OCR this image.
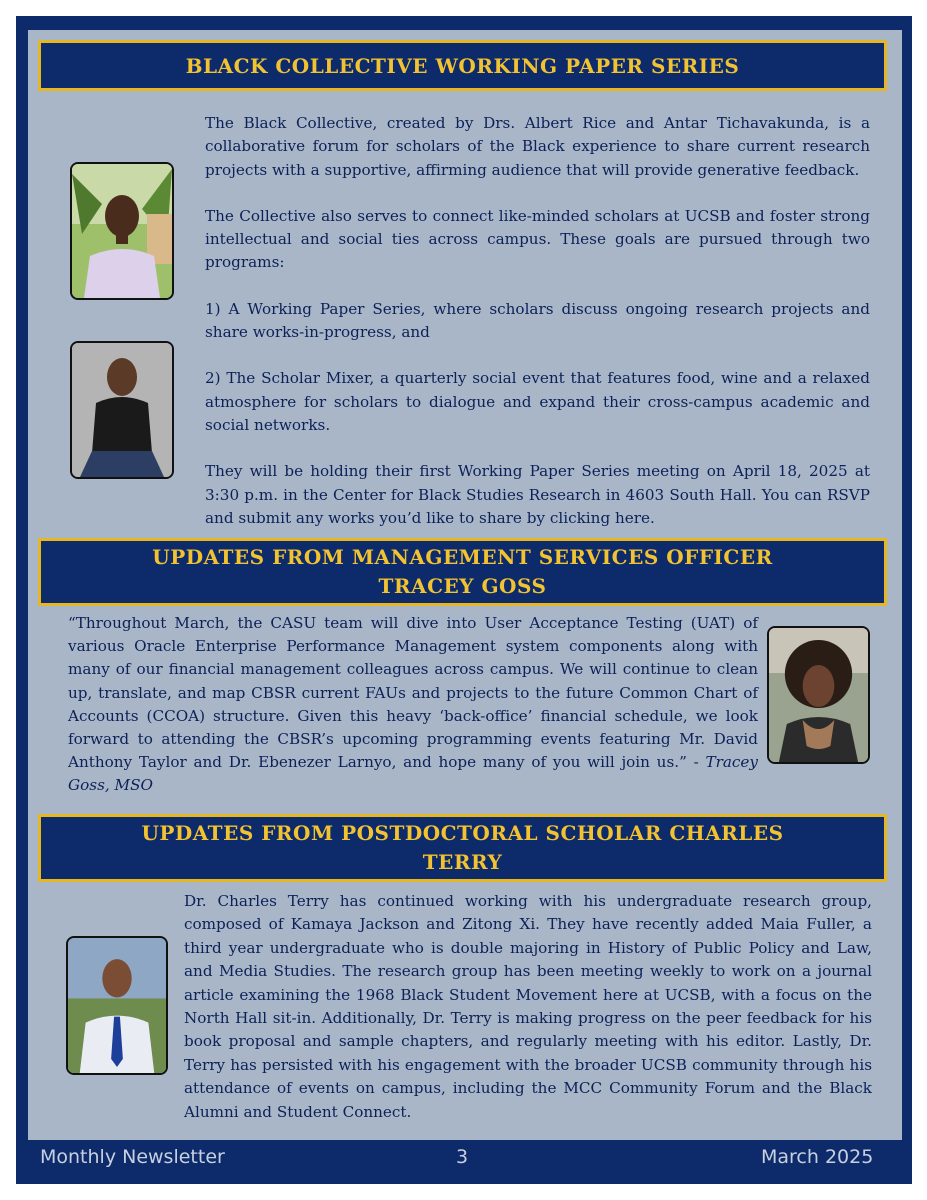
BLACK COLLECTIVE WORKING PAPER SERIES

The Black Collective, created by Drs. Albert Rice and Antar Tichavakunda, is a collaborative forum for scholars of the Black experience to share current research projects with a supportive, affirming audience that will provide generative feedback.

The Collective also serves to connect like-minded scholars at UCSB and foster strong intellectual and social ties across campus. These goals are pursued through two programs:

1) A Working Paper Series, where scholars discuss ongoing research projects and share works-in-progress, and

2) The Scholar Mixer, a quarterly social event that features food, wine and a relaxed atmosphere for scholars to dialogue and expand their cross-campus academic and social networks.

They will be holding their first Working Paper Series meeting on April 18, 2025 at 3:30 p.m. in the Center for Black Studies Research in 4603 South Hall. You can RSVP and submit any works you’d like to share by clicking here.

UPDATES FROM MANAGEMENT SERVICES OFFICER
TRACEY GOSS

“Throughout March, the CASU team will dive into User Acceptance Testing (UAT) of various Oracle Enterprise Performance Management system components along with many of our financial management colleagues across campus. We will continue to clean up, translate, and map CBSR current FAUs and projects to the future Common Chart of Accounts (CCOA) structure. Given this heavy ‘back-office’ financial schedule, we look forward to attending the CBSR’s upcoming programming events featuring Mr. David Anthony Taylor and Dr. Ebenezer Larnyo, and hope many of you will join us.” - Tracey Goss, MSO

UPDATES FROM POSTDOCTORAL SCHOLAR CHARLES
TERRY

Dr. Charles Terry has continued working with his undergraduate research group, composed of Kamaya Jackson and Zitong Xi. They have recently added Maia Fuller, a third year undergraduate who is double majoring in History of Public Policy and Law, and Media Studies. The research group has been meeting weekly to work on a journal article examining the 1968 Black Student Movement here at UCSB, with a focus on the North Hall sit-in. Additionally, Dr. Terry is making progress on the peer feedback for his book proposal and sample chapters, and regularly meeting with his editor. Lastly, Dr. Terry has persisted with his engagement with the broader UCSB community through his attendance of events on campus, including the MCC Community Forum and the Black Alumni and Student Connect.

Monthly Newsletter	3	March 2025
